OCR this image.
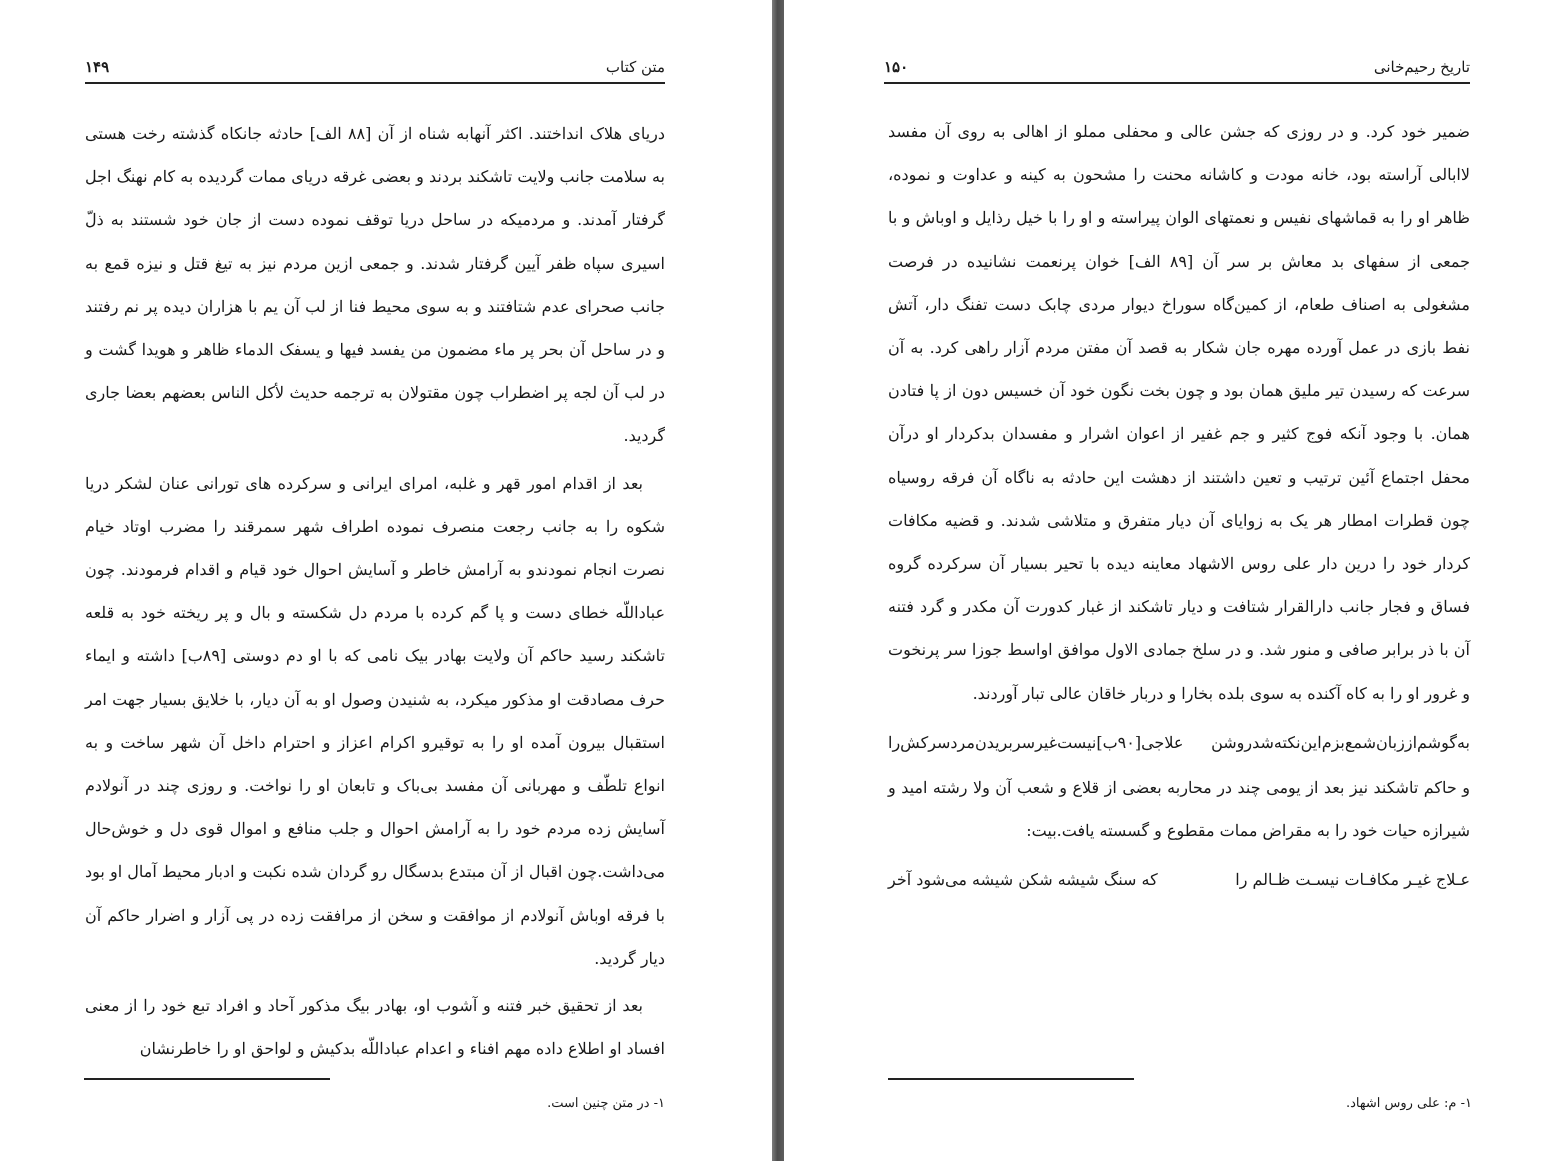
متن کتاب
۱۴۹

دریای هلاک انداختند. اکثر آنهابه شناه از آن [۸۸ الف] حادثه جانکاه گذشته رخت هستی به سلامت جانب ولایت تاشکند بردند و بعضی غرقه دریای ممات گردیده به کام نهنگ اجل گرفتار آمدند. و مردمیکه در ساحل دریا توقف نموده دست از جان خود شستند به ذلّ اسیری سپاه ظفر آیین گرفتار شدند. و جمعی ازین مردم نیز به تیغ قتل و نیزه قمع به جانب صحرای عدم شتافتند و به سوی محیط فنا از لب آن یم با هزاران دیده پر نم رفتند و در ساحل آن بحر پر ماء مضمون من یفسد فیها و یسفک الدماء ظاهر و هویدا گشت و در لب آن لجه پر اضطراب چون مقتولان به ترجمه حدیث لأکل الناس بعضهم بعضا جاری گردید.

بعد از اقدام امور قهر و غلبه، امرای ایرانی و سرکرده های تورانی عنان لشکر دریا شکوه را به جانب رجعت منصرف نموده اطراف شهر سمرقند را مضرب اوتاد خیام نصرت انجام نمودندو به آرامش خاطر و آسایش احوال خود قیام و اقدام فرمودند. چون عباداللّه خطای دست و پا گم کرده با مردم دل شکسته و بال و پر ریخته خود به قلعه تاشکند رسید حاکم آن ولایت بهادر بیک نامی که با او دم دوستی [۸۹ب] داشته و ایماء حرف مصادقت او مذکور میکرد، به شنیدن وصول او به آن دیار، با خلایق بسیار جهت امر استقبال بیرون آمده او را به توقیرو اکرام اعزاز و احترام داخل آن شهر ساخت و به انواع تلطّف و مهربانی آن مفسد بی‌باک و تابعان او را نواخت. و روزی چند در آنولادم آسایش زده مردم خود را به آرامش احوال و جلب منافع و اموال قوی دل و خوش‌حال می‌داشت.چون اقبال از آن مبتدع بدسگال رو گردان شده نکبت و ادبار محیط آمال او بود با فرقه اوباش آنولادم از موافقت و سخن از مرافقت زده در پی آزار و اضرار حاکم آن دیار گردید.

بعد از تحقیق خبر فتنه و آشوب او، بهادر بیگ مذکور آحاد و افراد تبع خود را از معنی افساد او اطلاع داده مهم افناء و اعدام عباداللّه بدکیش و لواحق او را خاطرنشان

۱- در متن چنین است.
تاریخ رحیم‌خانی
۱۵۰

ضمیر خود کرد. و در روزی که جشن عالی و محفلی مملو از اهالی به روی آن مفسد لاابالی آراسته بود، خانه مودت و کاشانه محنت را مشحون به کینه و عداوت و نموده، ظاهر او را به قماشهای نفیس و نعمتهای الوان پیراسته و او را با خیل رذایل و اوباش و با جمعی از سفهای بد معاش بر سر آن [۸۹ الف] خوان پرنعمت نشانیده در فرصت مشغولی به اصناف طعام، از کمین‌گاه سوراخ دیوار مردی چابک دست تفنگ دار، آتش نفط بازی در عمل آورده مهره جان شکار به قصد آن مفتن مردم آزار راهی کرد. به آن سرعت که رسیدن تیر ملیق همان بود و چون بخت نگون خود آن خسیس دون از پا فتادن همان. با وجود آنکه فوج کثیر و جم غفیر از اعوان اشرار و مفسدان بدکردار او درآن محفل اجتماع آئین ترتیب و تعین داشتند از دهشت این حادثه به ناگاه آن فرقه روسیاه چون قطرات امطار هر یک به زوایای آن دیار متفرق و متلاشی شدند. و قضیه مکافات کردار خود را درین دار علی روس الاشهاد معاینه دیده با تحیر بسیار آن سرکرده گروه فساق و فجار جانب دارالقرار شتافت و دیار تاشکند از غبار کدورت آن مکدر و گرد فتنه آن با ذر برابر صافی و منور شد. و در سلخ جمادی الاول موافق اواسط جوزا سر پرنخوت و غرور او را به کاه آکنده به سوی بلده بخارا و دربار خاقان عالی تبار آوردند.

به‌گوشم‌ازز‌بان‌شمع‌بزم‌این‌نکته‌شدروشن
علاجی[۹۰ب]نیست‌غیرسربریدن‌مردسرکش‌را

و حاکم تاشکند نیز بعد از یومی چند در محاربه بعضی از قلاع و شعب آن ولا رشته امید و شیرازه حیات خود را به مقراض ممات مقطوع و گسسته یافت.بیت:

عـلاج غیـر مکافـات نیسـت ظـالم را
که سنگ شیشه شکن شیشه می‌شود آخر
۱- م: علی روس اشهاد.
